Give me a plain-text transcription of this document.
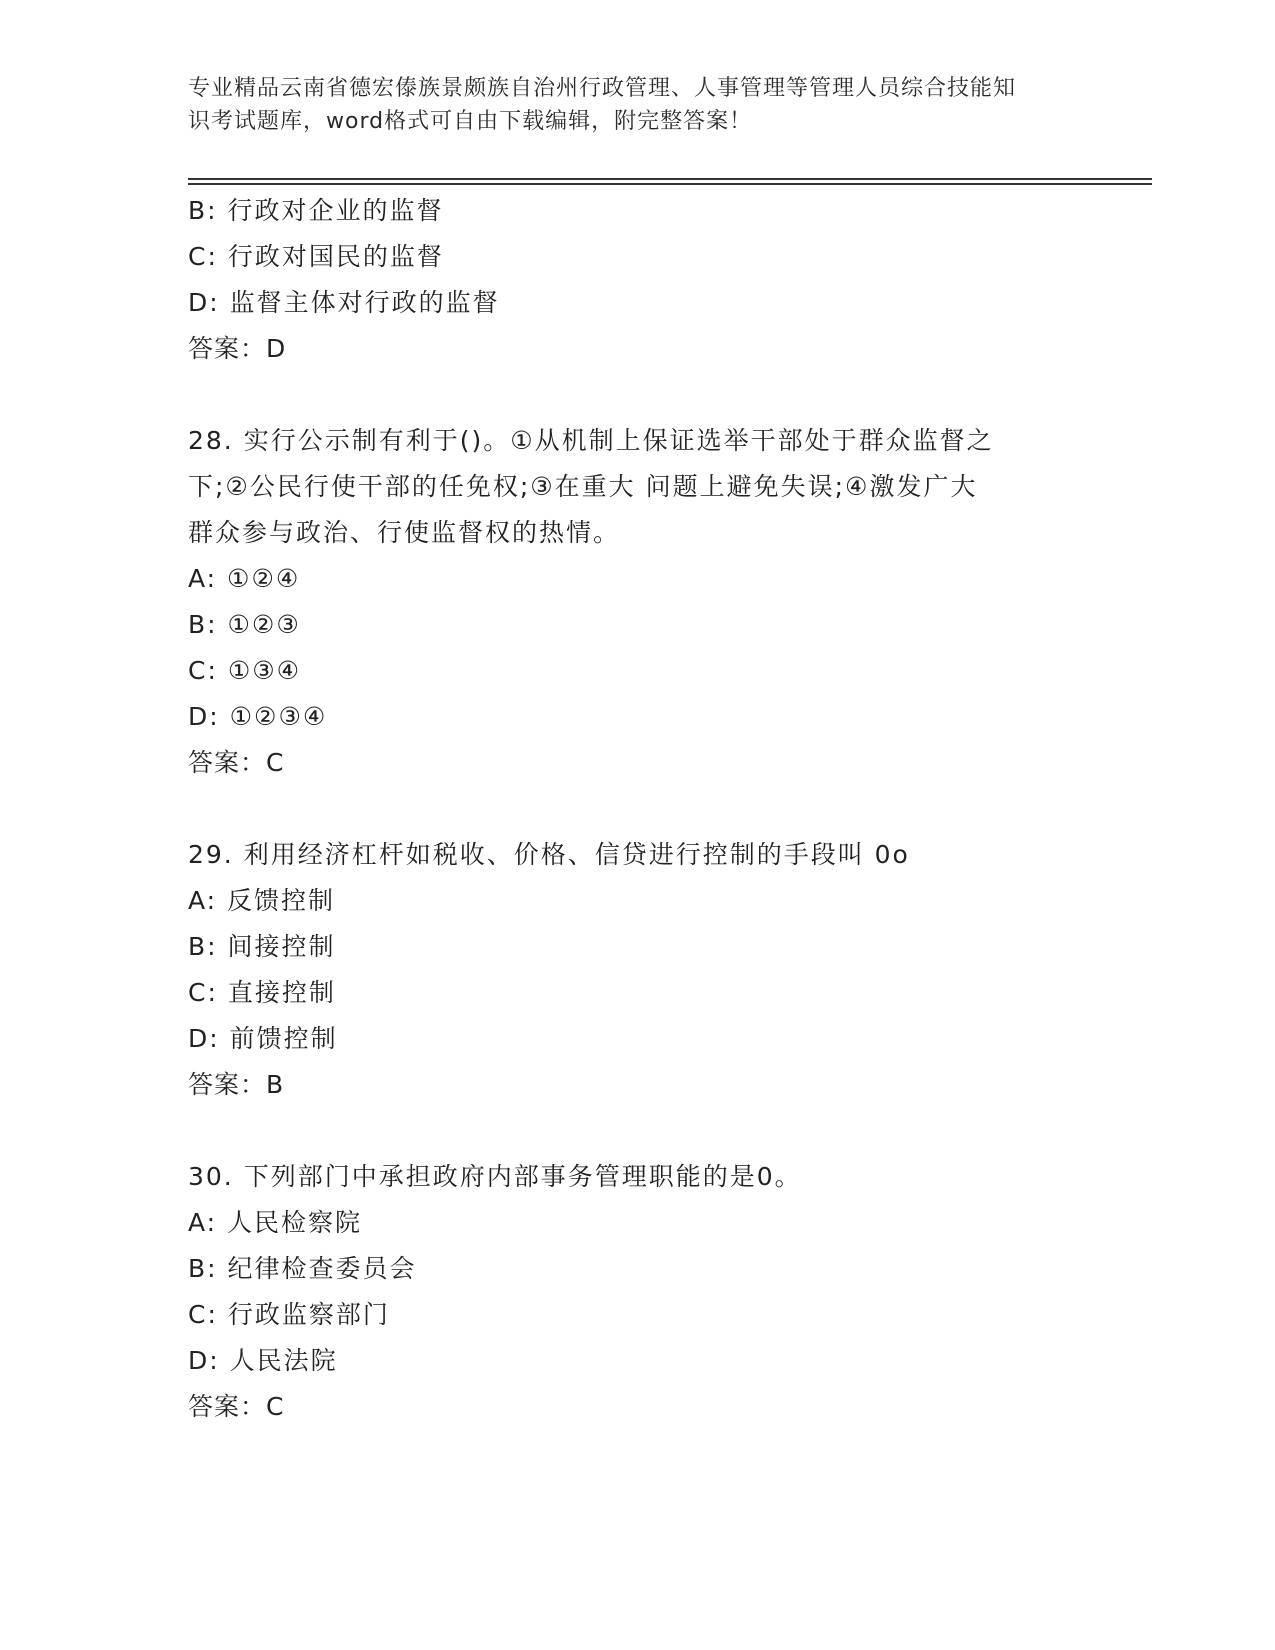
专业精品云南省德宏傣族景颇族自治州行政管理、人事管理等管理人员综合技能知
识考试题库，word格式可自由下载编辑，附完整答案！
B: 行政对企业的监督
C: 行政对国民的监督
D: 监督主体对行政的监督
答案：D
28. 实行公示制有利于()。①从机制上保证选举干部处于群众监督之
下;②公民行使干部的任免权;③在重大 问题上避免失误;④激发广大
群众参与政治、行使监督权的热情。
A: ①②④
B: ①②③
C: ①③④
D: ①②③④
答案：C
29. 利用经济杠杆如税收、价格、信贷进行控制的手段叫 0o
A: 反馈控制
B: 间接控制
C: 直接控制
D: 前馈控制
答案：B
30. 下列部门中承担政府内部事务管理职能的是0。
A: 人民检察院
B: 纪律检查委员会
C: 行政监察部门
D: 人民法院
答案：C
